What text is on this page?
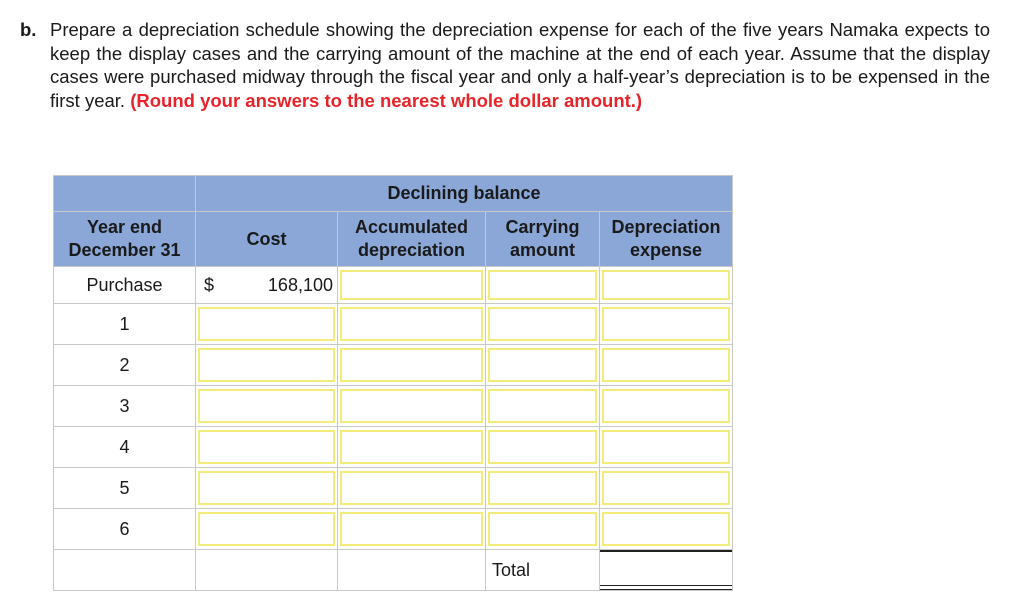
b. Prepare a depreciation schedule showing the depreciation expense for each of the five years Namaka expects to keep the display cases and the carrying amount of the machine at the end of each year. Assume that the display cases were purchased midway through the fiscal year and only a half-year’s depreciation is to be expensed in the first year. (Round your answers to the nearest whole dollar amount.)
	Declining balance			
Year end December 31	Cost	Accumulated depreciation	Carrying amount	Depreciation expense
Purchase	$ 168,100			

1	

2	

3	

4	

5	

6	

			Total	
